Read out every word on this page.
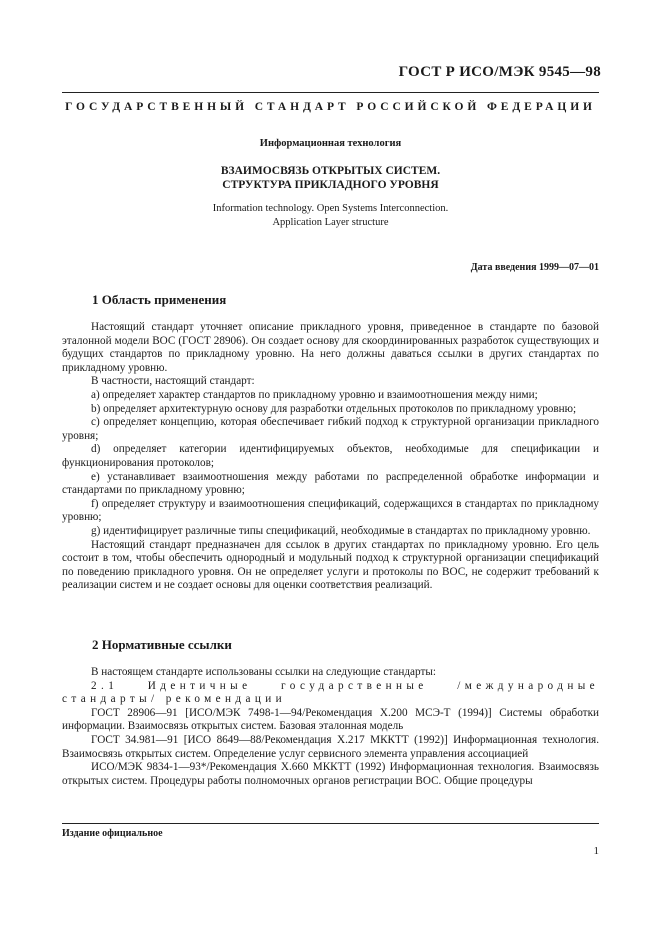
ГОСТ Р ИСО/МЭК 9545—98
ГОСУДАРСТВЕННЫЙ СТАНДАРТ РОССИЙСКОЙ ФЕДЕРАЦИИ
Информационная технология
ВЗАИМОСВЯЗЬ ОТКРЫТЫХ СИСТЕМ.
СТРУКТУРА ПРИКЛАДНОГО УРОВНЯ
Information technology. Open Systems Interconnection.
Application Layer structure
Дата введения 1999—07—01
1 Область применения

Настоящий стандарт уточняет описание прикладного уровня, приведенное в стандарте по базовой эталонной модели ВОС (ГОСТ 28906). Он создает основу для скоординированных разработок существующих и будущих стандартов по прикладному уровню. На него должны даваться ссылки в других стандартах по прикладному уровню.

В частности, настоящий стандарт:

a) определяет характер стандартов по прикладному уровню и взаимоотношения между ними;

b) определяет архитектурную основу для разработки отдельных протоколов по прикладному уровню;

c) определяет концепцию, которая обеспечивает гибкий подход к структурной организации прикладного уровня;

d) определяет категории идентифицируемых объектов, необходимые для спецификации и функционирования протоколов;

e) устанавливает взаимоотношения между работами по распределенной обработке информации и стандартами по прикладному уровню;

f) определяет структуру и взаимоотношения спецификаций, содержащихся в стандартах по прикладному уровню;

g) идентифицирует различные типы спецификаций, необходимые в стандартах по прикладному уровню.

Настоящий стандарт предназначен для ссылок в других стандартах по прикладному уровню. Его цель состоит в том, чтобы обеспечить однородный и модульный подход к структурной организации спецификаций по поведению прикладного уровня. Он не определяет услуги и протоколы по ВОС, не содержит требований к реализации систем и не создает основы для оценки соответствия реализаций.

2 Нормативные ссылки

В настоящем стандарте использованы ссылки на следующие стандарты:

2.1 Идентичные государственные /международные стандарты/ рекомендации

ГОСТ 28906—91 [ИСО/МЭК 7498-1—94/Рекомендация X.200 МСЭ-Т (1994)] Системы обработки информации. Взаимосвязь открытых систем. Базовая эталонная модель

ГОСТ 34.981—91 [ИСО 8649—88/Рекомендация X.217 МККТТ (1992)] Информационная технология. Взаимосвязь открытых систем. Определение услуг сервисного элемента управления ассоциацией

ИСО/МЭК 9834-1—93*/Рекомендация X.660 МККТТ (1992) Информационная технология. Взаимосвязь открытых систем. Процедуры работы полномочных органов регистрации ВОС. Общие процедуры

Издание официальное
1
